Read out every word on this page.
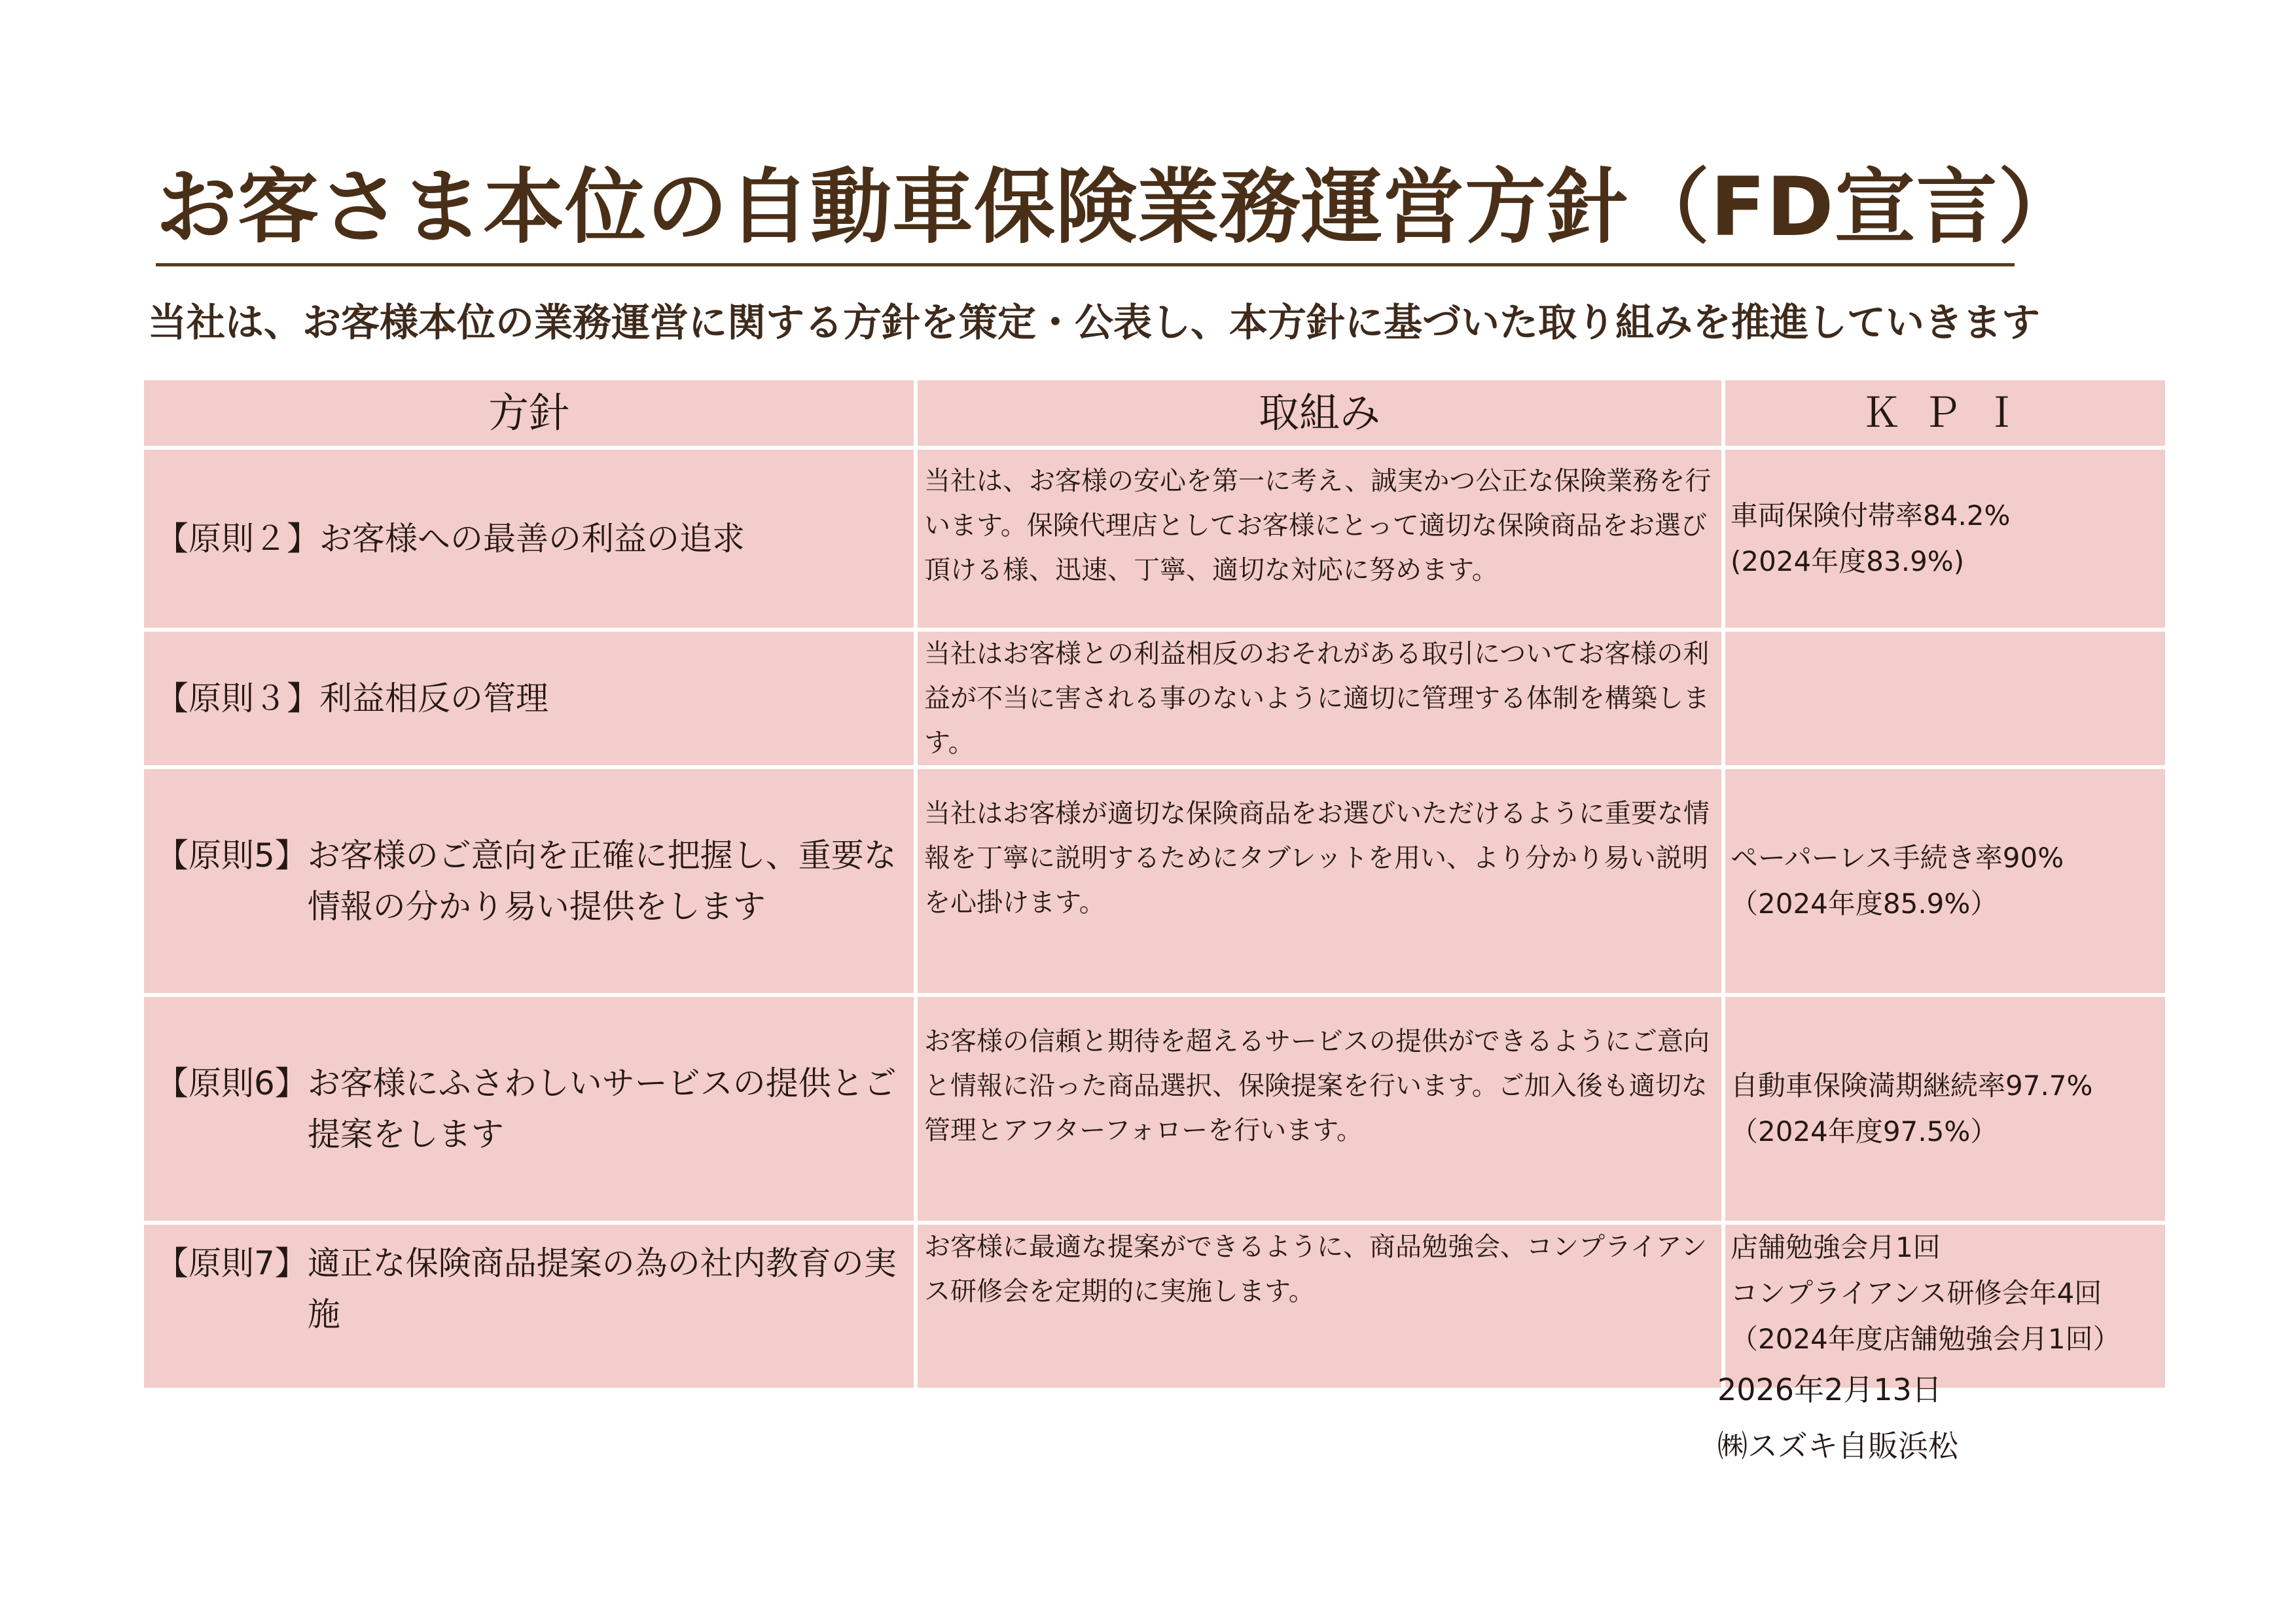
お客さま本位の自動車保険業務運営方針（FD宣言）
当社は、お客様本位の業務運営に関する方針を策定・公表し、本方針に基づいた取り組みを推進していきます
方針	取組み	ＫＰＩ

【原則２】 お客様への最善の利益の追求	当社は、お客様の安心を第一に考え、誠実かつ公正な保険業務を行います。保険代理店としてお客様にとって適切な保険商品をお選び頂ける様、迅速、丁寧、適切な対応に努めます。	車両保険付帯率84.2%
(2024年度83.9%)

【原則３】 利益相反の管理	当社はお客様との利益相反のおそれがある取引についてお客様の利益が不当に害される事のないように適切に管理する体制を構築します。	

【原則5】 お客様のご意向を正確に把握し、重要な情報の分かり易い提供をします	当社はお客様が適切な保険商品をお選びいただけるように重要な情報を丁寧に説明するためにタブレットを用い、より分かり易い説明を心掛けます。	ペーパーレス手続き率90%
（2024年度85.9%）

【原則6】 お客様にふさわしいサービスの提供とご提案をします	お客様の信頼と期待を超えるサービスの提供ができるようにご意向と情報に沿った商品選択、保険提案を行います。ご加入後も適切な管理とアフターフォローを行います。	自動車保険満期継続率97.7%
（2024年度97.5%）

【原則7】 適正な保険商品提案の為の社内教育の実施	お客様に最適な提案ができるように、商品勉強会、コンプライアンス研修会を定期的に実施します。	店舗勉強会月1回
コンプライアンス研修会年4回
（2024年度店舗勉強会月1回）
2026年2月13日
㈱スズキ自販浜松
